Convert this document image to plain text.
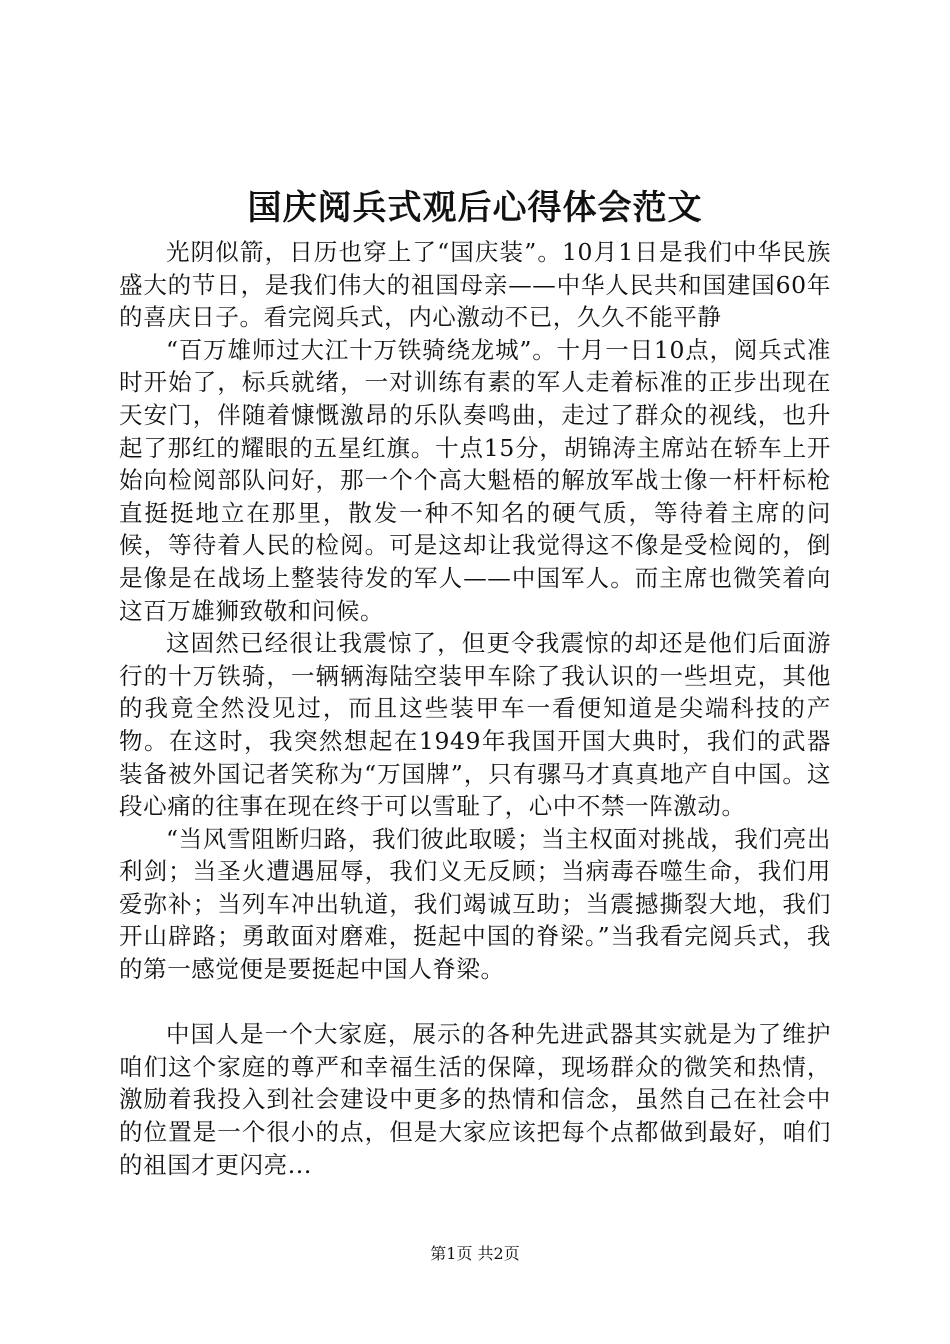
国庆阅兵式观后心得体会范文

光阴似箭，日历也穿上了“国庆装”。10月1日是我们中华民族盛大的节日，是我们伟大的祖国母亲——中华人民共和国建国60年的喜庆日子。看完阅兵式，内心激动不已，久久不能平静

“百万雄师过大江十万铁骑绕龙城”。十月一日10点，阅兵式准时开始了，标兵就绪，一对训练有素的军人走着标准的正步出现在天安门，伴随着慷慨激昂的乐队奏鸣曲，走过了群众的视线，也升起了那红的耀眼的五星红旗。十点15分，胡锦涛主席站在轿车上开始向检阅部队问好，那一个个高大魁梧的解放军战士像一杆杆标枪直挺挺地立在那里，散发一种不知名的硬气质，等待着主席的问候，等待着人民的检阅。可是这却让我觉得这不像是受检阅的，倒是像是在战场上整装待发的军人——中国军人。而主席也微笑着向这百万雄狮致敬和问候。

这固然已经很让我震惊了，但更令我震惊的却还是他们后面游行的十万铁骑，一辆辆海陆空装甲车除了我认识的一些坦克，其他的我竟全然没见过，而且这些装甲车一看便知道是尖端科技的产物。在这时，我突然想起在1949年我国开国大典时，我们的武器装备被外国记者笑称为“万国牌”，只有骡马才真真地产自中国。这段心痛的往事在现在终于可以雪耻了，心中不禁一阵激动。

“当风雪阻断归路，我们彼此取暖；当主权面对挑战，我们亮出利剑；当圣火遭遇屈辱，我们义无反顾；当病毒吞噬生命，我们用爱弥补；当列车冲出轨道，我们竭诚互助；当震撼撕裂大地，我们开山辟路；勇敢面对磨难，挺起中国的脊梁。”当我看完阅兵式，我的第一感觉便是要挺起中国人脊梁。

中国人是一个大家庭，展示的各种先进武器其实就是为了维护咱们这个家庭的尊严和幸福生活的保障，现场群众的微笑和热情，激励着我投入到社会建设中更多的热情和信念，虽然自己在社会中的位置是一个很小的点，但是大家应该把每个点都做到最好，咱们的祖国才更闪亮...

第1页 共2页
